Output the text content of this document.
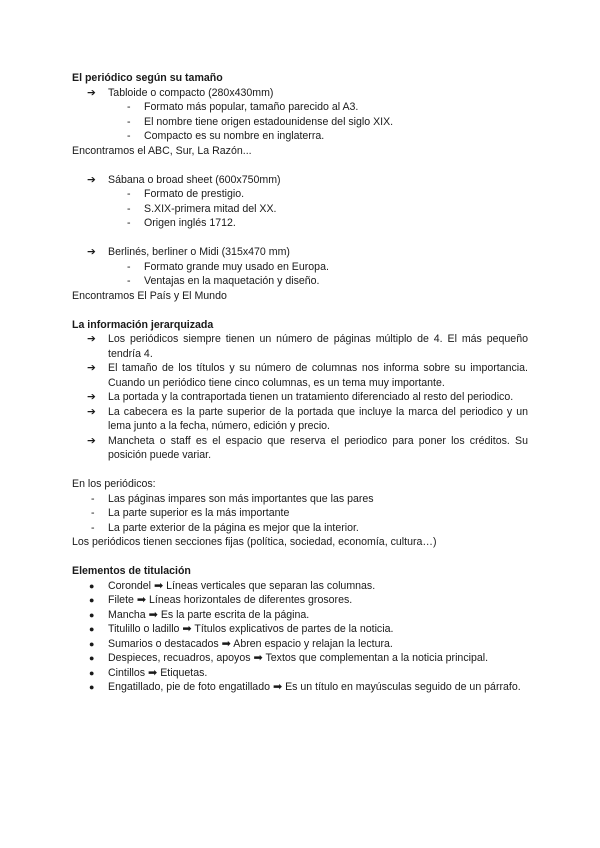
El periódico según su tamaño
➔ Tabloide o compacto (280x430mm)
- Formato más popular, tamaño parecido al A3.
- El nombre tiene origen estadounidense del siglo XIX.
- Compacto es su nombre en inglaterra.
Encontramos el ABC, Sur, La Razón...
➔ Sábana o broad sheet (600x750mm)
- Formato de prestigio.
- S.XIX-primera mitad del XX.
- Origen inglés 1712.
➔ Berlinés, berliner o Midi (315x470 mm)
- Formato grande muy usado en Europa.
- Ventajas en la maquetación y diseño.
Encontramos El País y El Mundo
La información jerarquizada
➔ Los periódicos siempre tienen un número de páginas múltiplo de 4. El más pequeño tendría 4.
➔ El tamaño de los títulos y su número de columnas nos informa sobre su importancia. Cuando un periódico tiene cinco columnas, es un tema muy importante.
➔ La portada y la contraportada tienen un tratamiento diferenciado al resto del periodico.
➔ La cabecera es la parte superior de la portada que incluye la marca del periodico y un lema junto a la fecha, número, edición y precio.
➔ Mancheta o staff es el espacio que reserva el periodico para poner los créditos. Su posición puede variar.
En los periódicos:
- Las páginas impares son más importantes que las pares
- La parte superior es la más importante
- La parte exterior de la página es mejor que la interior.
Los periódicos tienen secciones fijas (política, sociedad, economía, cultura…)
Elementos de titulación
● Corondel ➡ Líneas verticales que separan las columnas.
● Filete ➡ Líneas horizontales de diferentes grosores.
● Mancha ➡ Es la parte escrita de la página.
● Titulillo o ladillo ➡ Títulos explicativos de partes de la noticia.
● Sumarios o destacados ➡ Abren espacio y relajan la lectura.
● Despieces, recuadros, apoyos ➡ Textos que complementan a la noticia principal.
● Cintillos ➡ Etiquetas.
● Engatillado, pie de foto engatillado ➡ Es un título en mayúsculas seguido de un párrafo.
